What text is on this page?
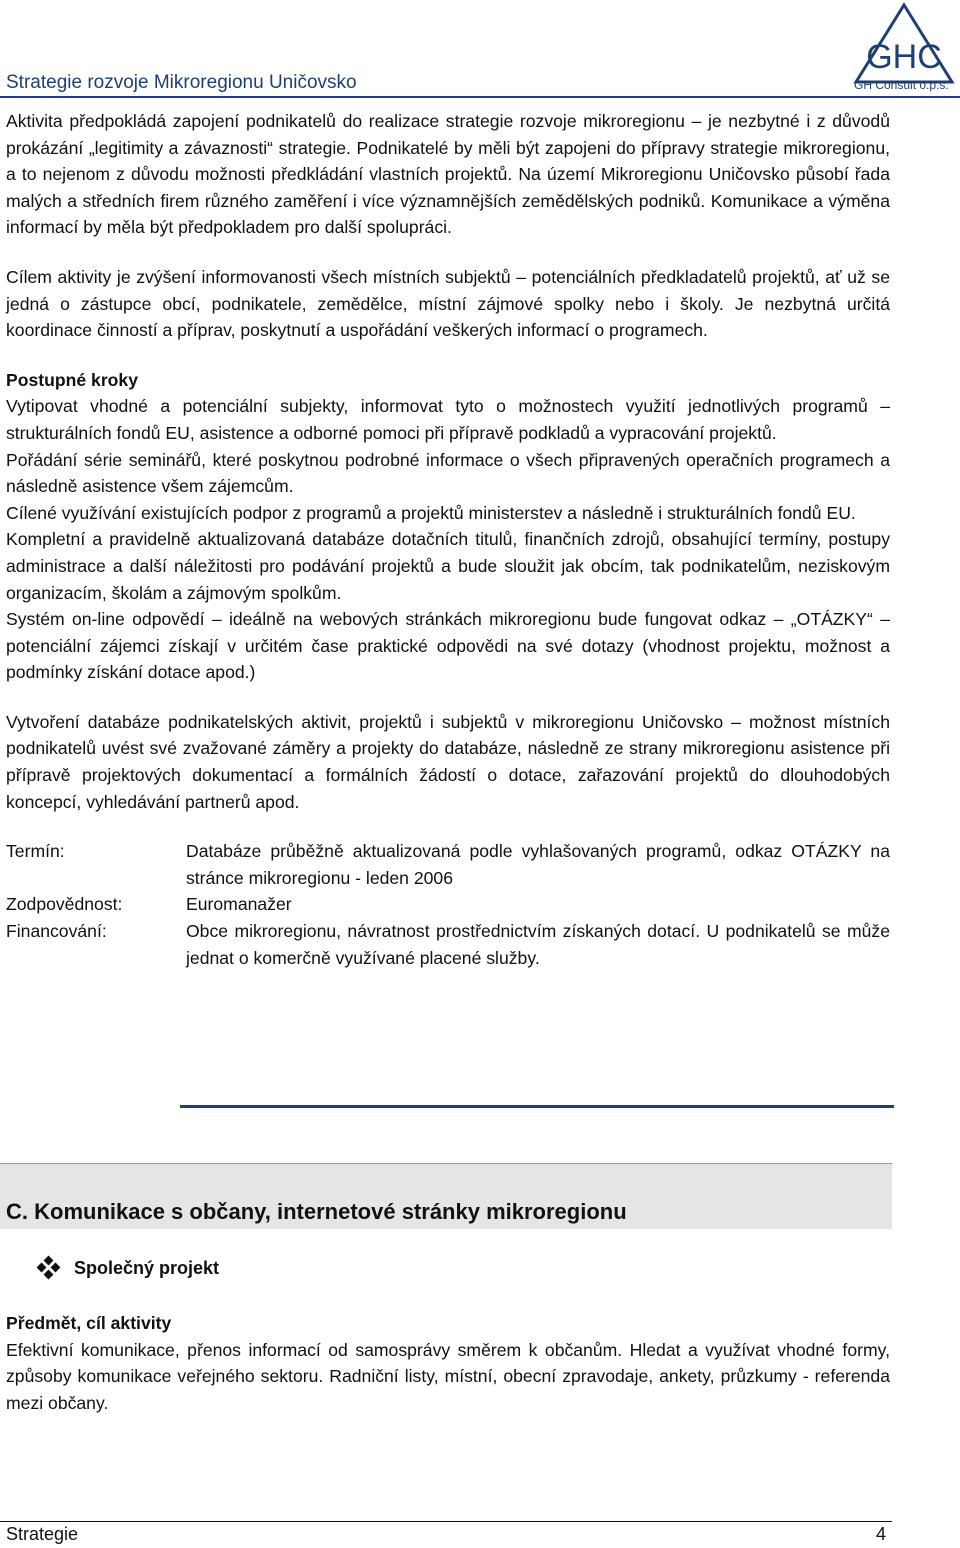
Strategie rozvoje Mikroregionu Uničovsko
GHC
GH Consult o.p.s.

Aktivita předpokládá zapojení podnikatelů do realizace strategie rozvoje mikroregionu – je nezbytné i z důvodů prokázání „legitimity a závaznosti“ strategie. Podnikatelé by měli být zapojeni do přípravy strategie mikroregionu, a to nejenom z důvodu možnosti předkládání vlastních projektů. Na území Mikroregionu Uničovsko působí řada malých a středních firem různého zaměření i více významnějších zemědělských podniků. Komunikace a výměna informací by měla být předpokladem pro další spolupráci.

Cílem aktivity je zvýšení informovanosti všech místních subjektů – potenciálních předkladatelů projektů, ať už se jedná o zástupce obcí, podnikatele, zemědělce, místní zájmové spolky nebo i školy. Je nezbytná určitá koordinace činností a příprav, poskytnutí a uspořádání veškerých informací o programech.

Postupné kroky

Vytipovat vhodné a potenciální subjekty, informovat tyto o možnostech využití jednotlivých programů – strukturálních fondů EU, asistence a odborné pomoci při přípravě podkladů a vypracování projektů.

Pořádání série seminářů, které poskytnou podrobné informace o všech připravených operačních programech a následně asistence všem zájemcům.

Cílené využívání existujících podpor z programů a projektů ministerstev a následně i strukturálních fondů EU.

Kompletní a pravidelně aktualizovaná databáze dotačních titulů, finančních zdrojů, obsahující termíny, postupy administrace a další náležitosti pro podávání projektů a bude sloužit jak obcím, tak podnikatelům, neziskovým organizacím, školám a zájmovým spolkům.

Systém on-line odpovědí – ideálně na webových stránkách mikroregionu bude fungovat odkaz – „OTÁZKY“ – potenciální zájemci získají v určitém čase praktické odpovědi na své dotazy (vhodnost projektu, možnost a podmínky získání dotace apod.)

Vytvoření databáze podnikatelských aktivit, projektů i subjektů v mikroregionu Uničovsko – možnost místních podnikatelů uvést své zvažované záměry a projekty do databáze, následně ze strany mikroregionu asistence při přípravě projektových dokumentací a formálních žádostí o dotace, zařazování projektů do dlouhodobých koncepcí, vyhledávání partnerů apod.

Termín:	Databáze průběžně aktualizovaná podle vyhlašovaných programů, odkaz OTÁZKY na stránce mikroregionu - leden 2006
Zodpovědnost:	Euromanažer
Financování:	Obce mikroregionu, návratnost prostřednictvím získaných dotací. U podnikatelů se může jednat o komerčně využívané placené služby.
C. Komunikace s občany, internetové stránky mikroregionu
Společný projekt

Předmět, cíl aktivity

Efektivní komunikace, přenos informací od samosprávy směrem k občanům. Hledat a využívat vhodné formy, způsoby komunikace veřejného sektoru. Radniční listy, místní, obecní zpravodaje, ankety, průzkumy - referenda mezi občany.

Strategie	4
